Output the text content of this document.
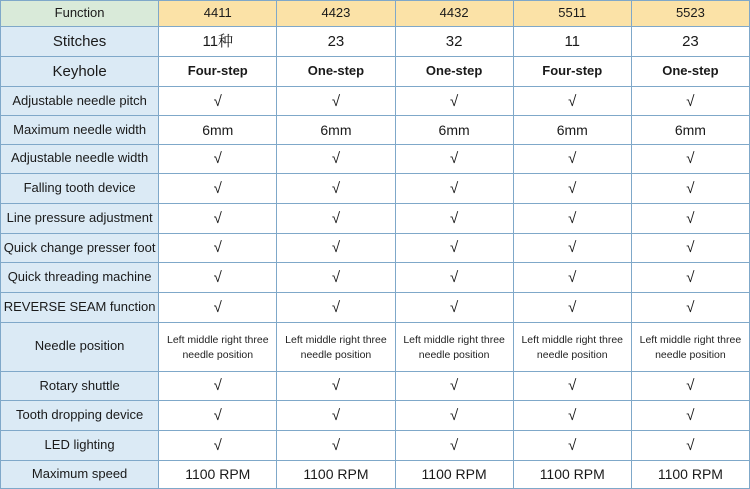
Function	4411	4423	4432	5511	5523
Stitches	11种	23	32	11	23
Keyhole	Four-step	One-step	One-step	Four-step	One-step
Adjustable needle pitch	√	√	√	√	√
Maximum needle width	6mm	6mm	6mm	6mm	6mm
Adjustable needle width	√	√	√	√	√
Falling tooth device	√	√	√	√	√
Line pressure adjustment	√	√	√	√	√
Quick change presser foot	√	√	√	√	√
Quick threading machine	√	√	√	√	√
REVERSE SEAM function	√	√	√	√	√
Needle position	Left middle right three needle position	Left middle right three needle position	Left middle right three needle position	Left middle right three needle position	Left middle right three needle position
Rotary shuttle	√	√	√	√	√
Tooth dropping device	√	√	√	√	√
LED lighting	√	√	√	√	√
Maximum speed	1100 RPM	1100 RPM	1100 RPM	1100 RPM	1100 RPM
